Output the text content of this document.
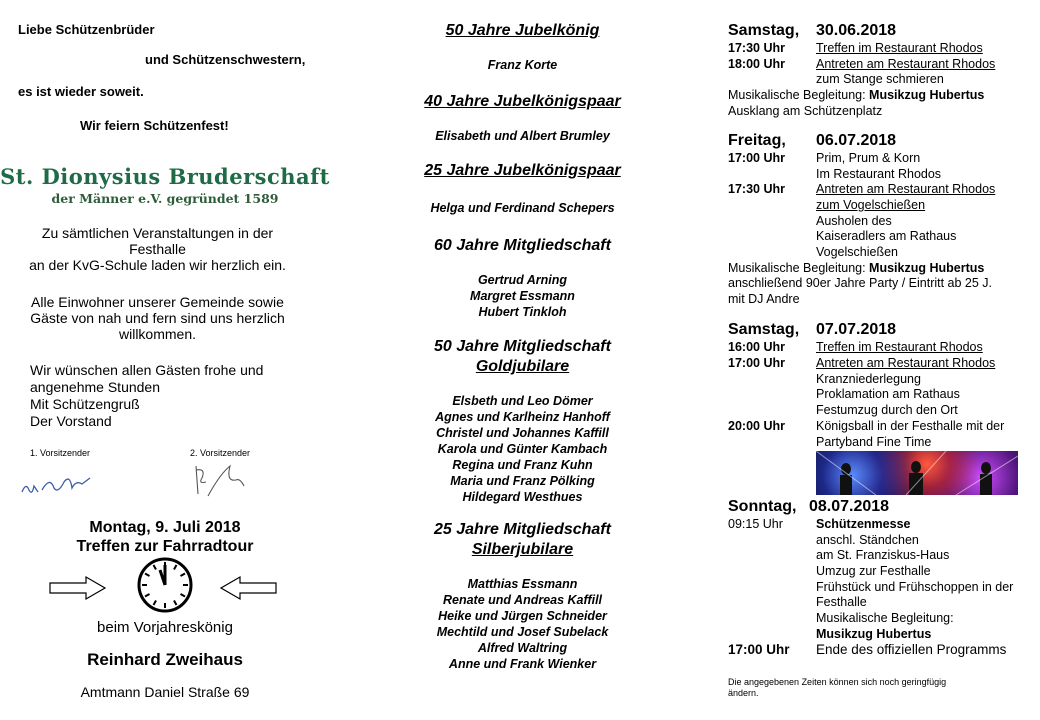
Liebe Schützenbrüder
und Schützenschwestern,
es ist wieder soweit.
Wir feiern Schützenfest!
St. Dionysius Bruderschaft
der Männer e.V. gegründet 1589
Zu sämtlichen Veranstaltungen in der
Festhalle
an der KvG-Schule laden wir herzlich ein.
Alle Einwohner unserer Gemeinde sowie
Gäste von nah und fern sind uns herzlich
willkommen.
Wir wünschen allen Gästen frohe und
angenehme Stunden
Mit Schützengruß
Der Vorstand
1. Vorsitzender	2. Vorsitzender
Montag, 9. Juli 2018
Treffen zur Fahrradtour
beim Vorjahreskönig
Reinhard Zweihaus
Amtmann Daniel Straße 69
50 Jahre Jubelkönig
Franz Korte
40 Jahre Jubelkönigspaar
Elisabeth und Albert Brumley
25 Jahre Jubelkönigspaar
Helga und Ferdinand Schepers
60 Jahre Mitgliedschaft
Gertrud Arning
Margret Essmann
Hubert Tinkloh
50 Jahre Mitgliedschaft
Goldjubilare
Elsbeth und Leo Dömer
Agnes und Karlheinz Hanhoff
Christel und Johannes Kaffill
Karola und Günter Kambach
Regina und Franz Kuhn
Maria und Franz Pölking
Hildegard Westhues
25 Jahre Mitgliedschaft
Silberjubilare
Matthias Essmann
Renate und Andreas Kaffill
Heike und Jürgen Schneider
Mechtild und Josef Subelack
Alfred Waltring
Anne und Frank Wienker
Samstag, 30.06.2018
17:30 Uhr Treffen im Restaurant Rhodos
18:00 Uhr Antreten am Restaurant Rhodos
zum Stange schmieren
Musikalische Begleitung: Musikzug Hubertus
Ausklang am Schützenplatz
Freitag, 06.07.2018
17:00 Uhr Prim, Prum & Korn
Im Restaurant Rhodos
17:30 Uhr Antreten am Restaurant Rhodos
zum Vogelschießen
Ausholen des
Kaiseradlers am Rathaus
Vogelschießen
Musikalische Begleitung: Musikzug Hubertus
anschließend 90er Jahre Party / Eintritt ab 25 J.
mit DJ Andre
Samstag, 07.07.2018
16:00 Uhr Treffen im Restaurant Rhodos
17:00 Uhr Antreten am Restaurant Rhodos
Kranzniederlegung
Proklamation am Rathaus
Festumzug durch den Ort
20:00 Uhr Königsball in der Festhalle mit der
Partyband Fine Time
Sonntag, 08.07.2018
09:15 Uhr	Schützenmesse
anschl. Ständchen
am St. Franziskus-Haus
Umzug zur Festhalle
Frühstück und Frühschoppen in der
Festhalle
Musikalische Begleitung:
Musikzug Hubertus
17:00 Uhr Ende des offiziellen Programms
Die angegebenen Zeiten können sich noch geringfügig
ändern.
